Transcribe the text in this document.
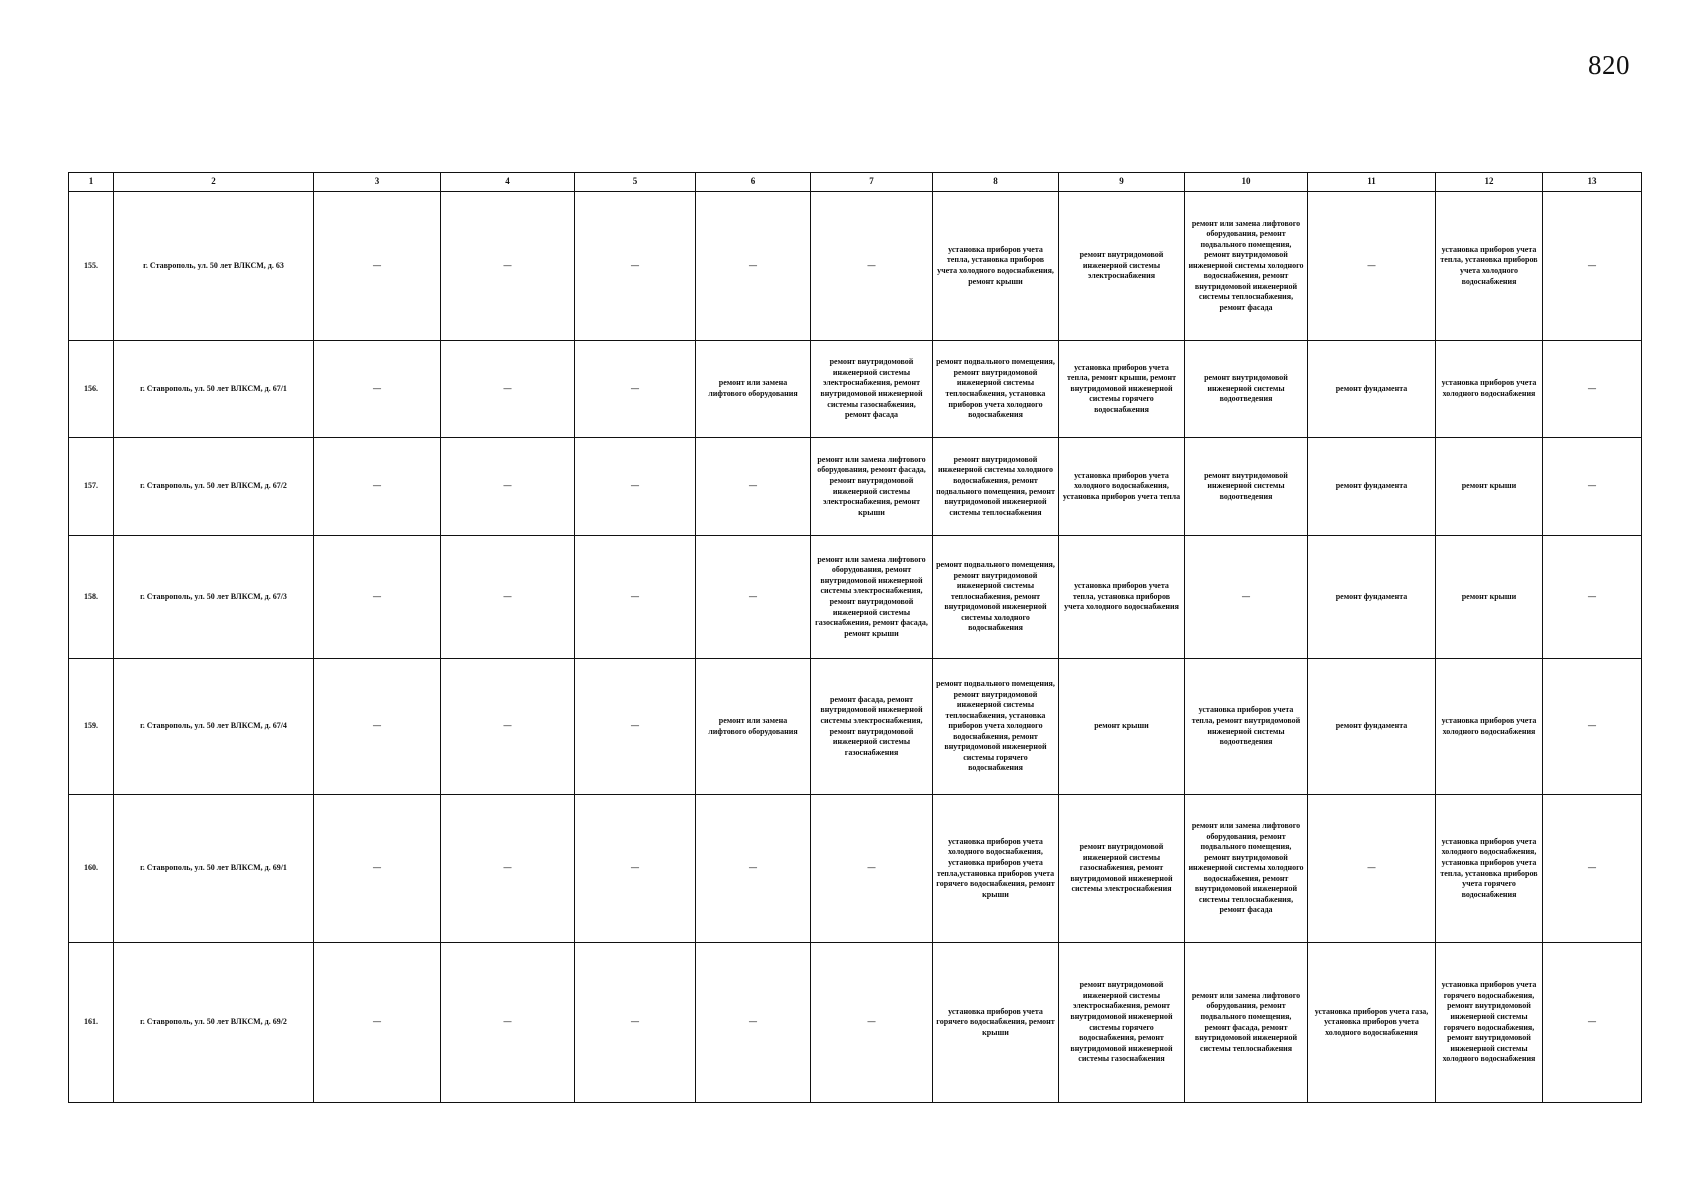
820
1	2	3	4	5	6	7	8	9	10	11	12	13
155.	г. Ставрополь, ул. 50 лет ВЛКСМ, д. 63	—	—	—	—	—	установка приборов учета тепла, установка приборов учета холодного водоснабжения, ремонт крыши	ремонт внутридомовой инженерной системы электроснабжения	ремонт или замена лифтового оборудования, ремонт подвального помещения, ремонт внутридомовой инженерной системы холодного водоснабжения, ремонт внутридомовой инженерной системы теплоснабжения, ремонт фасада	—	установка приборов учета тепла, установка приборов учета холодного водоснабжения	—
156.	г. Ставрополь, ул. 50 лет ВЛКСМ, д. 67/1	—	—	—	ремонт или замена лифтового оборудования	ремонт внутридомовой инженерной системы электроснабжения, ремонт внутридомовой инженерной системы газоснабжения, ремонт фасада	ремонт подвального помещения, ремонт внутридомовой инженерной системы теплоснабжения, установка приборов учета холодного водоснабжения	установка приборов учета тепла, ремонт крыши, ремонт внутридомовой инженерной системы горячего водоснабжения	ремонт внутридомовой инженерной системы водоотведения	ремонт фундамента	установка приборов учета холодного водоснабжения	—
157.	г. Ставрополь, ул. 50 лет ВЛКСМ, д. 67/2	—	—	—	—	ремонт или замена лифтового оборудования, ремонт фасада, ремонт внутридомовой инженерной системы электроснабжения, ремонт крыши	ремонт внутридомовой инженерной системы холодного водоснабжения, ремонт подвального помещения, ремонт внутридомовой инженерной системы теплоснабжения	установка приборов учета холодного водоснабжения, установка приборов учета тепла	ремонт внутридомовой инженерной системы водоотведения	ремонт фундамента	ремонт крыши	—
158.	г. Ставрополь, ул. 50 лет ВЛКСМ, д. 67/3	—	—	—	—	ремонт или замена лифтового оборудования, ремонт внутридомовой инженерной системы электроснабжения, ремонт внутридомовой инженерной системы газоснабжения, ремонт фасада, ремонт крыши	ремонт подвального помещения, ремонт внутридомовой инженерной системы теплоснабжения, ремонт внутридомовой инженерной системы холодного водоснабжения	установка приборов учета тепла, установка приборов учета холодного водоснабжения	—	ремонт фундамента	ремонт крыши	—
159.	г. Ставрополь, ул. 50 лет ВЛКСМ, д. 67/4	—	—	—	ремонт или замена лифтового оборудования	ремонт фасада, ремонт внутридомовой инженерной системы электроснабжения, ремонт внутридомовой инженерной системы газоснабжения	ремонт подвального помещения, ремонт внутридомовой инженерной системы теплоснабжения, установка приборов учета холодного водоснабжения, ремонт внутридомовой инженерной системы горячего водоснабжения	ремонт крыши	установка приборов учета тепла, ремонт внутридомовой инженерной системы водоотведения	ремонт фундамента	установка приборов учета холодного водоснабжения	—
160.	г. Ставрополь, ул. 50 лет ВЛКСМ, д. 69/1	—	—	—	—	—	установка приборов учета холодного водоснабжения, установка приборов учета тепла,установка приборов учета горячего водоснабжения, ремонт крыши	ремонт внутридомовой инженерной системы газоснабжения, ремонт внутридомовой инженерной системы электроснабжения	ремонт или замена лифтового оборудования, ремонт подвального помещения, ремонт внутридомовой инженерной системы холодного водоснабжения, ремонт внутридомовой инженерной системы теплоснабжения, ремонт фасада	—	установка приборов учета холодного водоснабжения, установка приборов учета тепла, установка приборов учета горячего водоснабжения	—
161.	г. Ставрополь, ул. 50 лет ВЛКСМ, д. 69/2	—	—	—	—	—	установка приборов учета горячего водоснабжения, ремонт крыши	ремонт внутридомовой инженерной системы электроснабжения, ремонт внутридомовой инженерной системы горячего водоснабжения, ремонт внутридомовой инженерной системы газоснабжения	ремонт или замена лифтового оборудования, ремонт подвального помещения, ремонт фасада, ремонт внутридомовой инженерной системы теплоснабжения	установка приборов учета газа, установка приборов учета холодного водоснабжения	установка приборов учета горячего водоснабжения, ремонт внутридомовой инженерной системы горячего водоснабжения, ремонт внутридомовой инженерной системы холодного водоснабжения	—
